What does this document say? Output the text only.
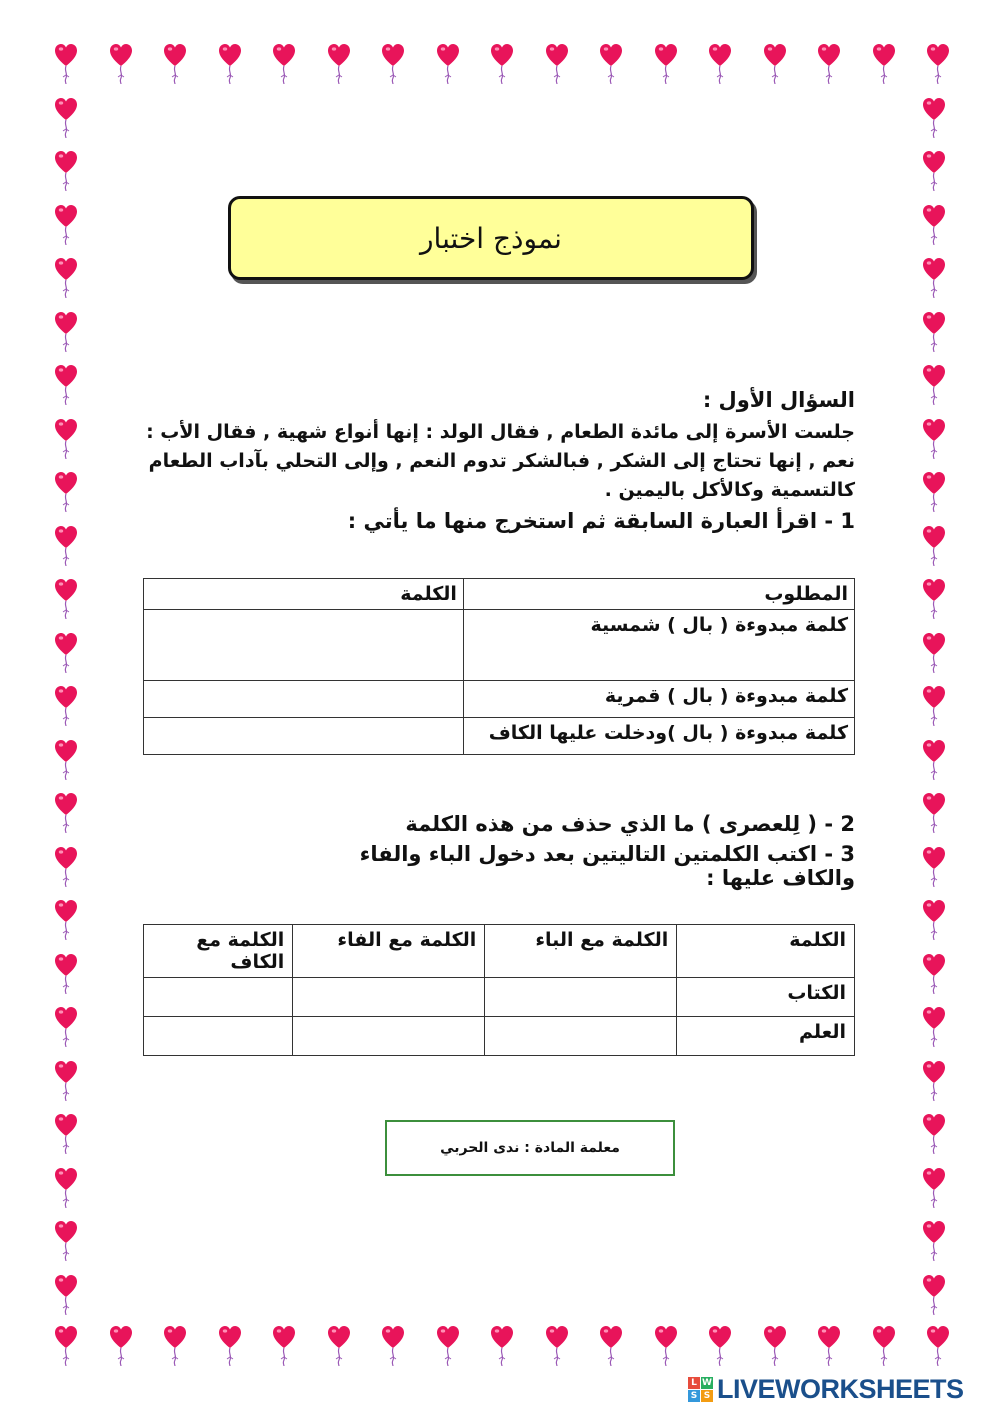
نموذج اختبار

السؤال الأول :

جلست الأسرة إلى مائدة الطعام , فقال الولد : إنها أنواع شهية , فقال الأب : نعم , إنها تحتاج إلى الشكر , فبالشكر تدوم النعم , وإلى التحلي بآداب الطعام كالتسمية وكالأكل باليمين .

1 - اقرأ العبارة السابقة ثم استخرج منها ما يأتي :

المطلوب	الكلمة
كلمة مبدوءة ( بال ) شمسية	
كلمة مبدوءة ( بال ) قمرية	
كلمة مبدوءة ( بال )ودخلت عليها الكاف	

2 - ( لِلعصرى ) ما الذي حذف من هذه الكلمة

3 - اكتب الكلمتين التاليتين بعد دخول الباء والفاء والكاف عليها :

الكلمة	الكلمة مع الباء	الكلمة مع الفاء	الكلمة مع الكاف
الكتاب			
العلم			
معلمة المادة : ندى الحربي
L W
S S LIVEWORKSHEETS
